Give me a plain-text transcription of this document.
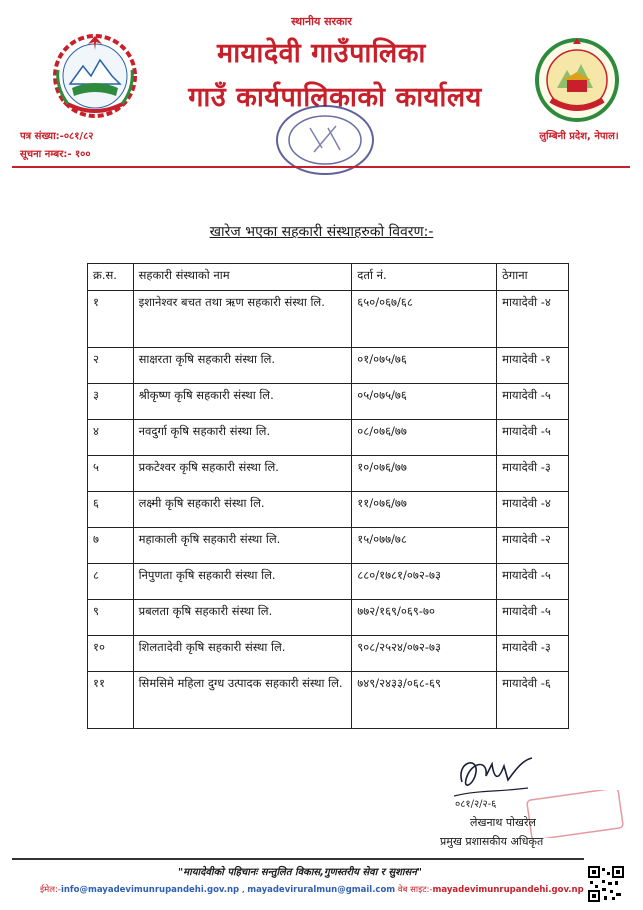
स्थानीय सरकार
मायादेवी गाउँपालिका
गाउँ कार्यपालिकाको कार्यालय
पत्र संख्या:-०८१/८२
सूचना नम्बर:- १००
लुम्बिनी प्रदेश, नेपाल।
खारेज भएका सहकारी संस्थाहरुको विवरण:-
क्र.स.	सहकारी संस्थाको नाम	दर्ता नं.	ठेगाना
१	इशानेश्वर बचत तथा ऋण सहकारी संस्था लि.	६५०/०६७/६८	मायादेवी -४
२	साक्षरता कृषि सहकारी संस्था लि.	०१/०७५/७६	मायादेवी -१
३	श्रीकृष्ण कृषि सहकारी संस्था लि.	०५/०७५/७६	मायादेवी -५
४	नवदुर्गा कृषि सहकारी संस्था लि.	०८/०७६/७७	मायादेवी -५
५	प्रकटेश्वर कृषि सहकारी संस्था लि.	१०/०७६/७७	मायादेवी -३
६	लक्ष्मी कृषि सहकारी संस्था लि.	११/०७६/७७	मायादेवी -४
७	महाकाली कृषि सहकारी संस्था लि.	१५/०७७/७८	मायादेवी -२
८	निपुणता कृषि सहकारी संस्था लि.	८८०/१७८१/०७२-७३	मायादेवी -५
९	प्रबलता कृषि सहकारी संस्था लि.	७७२/१६९/०६९-७०	मायादेवी -५
१०	शिलतादेवी कृषि सहकारी संस्था लि.	९०८/२५२४/०७२-७३	मायादेवी -३
११	सिमसिमे महिला दुग्ध उत्पादक सहकारी संस्था लि.	७४९/२४३३/०६८-६९	मायादेवी -६
०८१/२/२-६
लेखनाथ पोखरेल
प्रमुख प्रशासकीय अधिकृत
"मायादेवीको पहिचानः सन्तुलित विकास,गुणस्तरीय सेवा र सुशासन"
ईमेल:-info@mayadevimunrupandehi.gov.np , mayadeviruralmun@gmail.com वेब साइट:-mayadevimunrupandehi.gov.np
